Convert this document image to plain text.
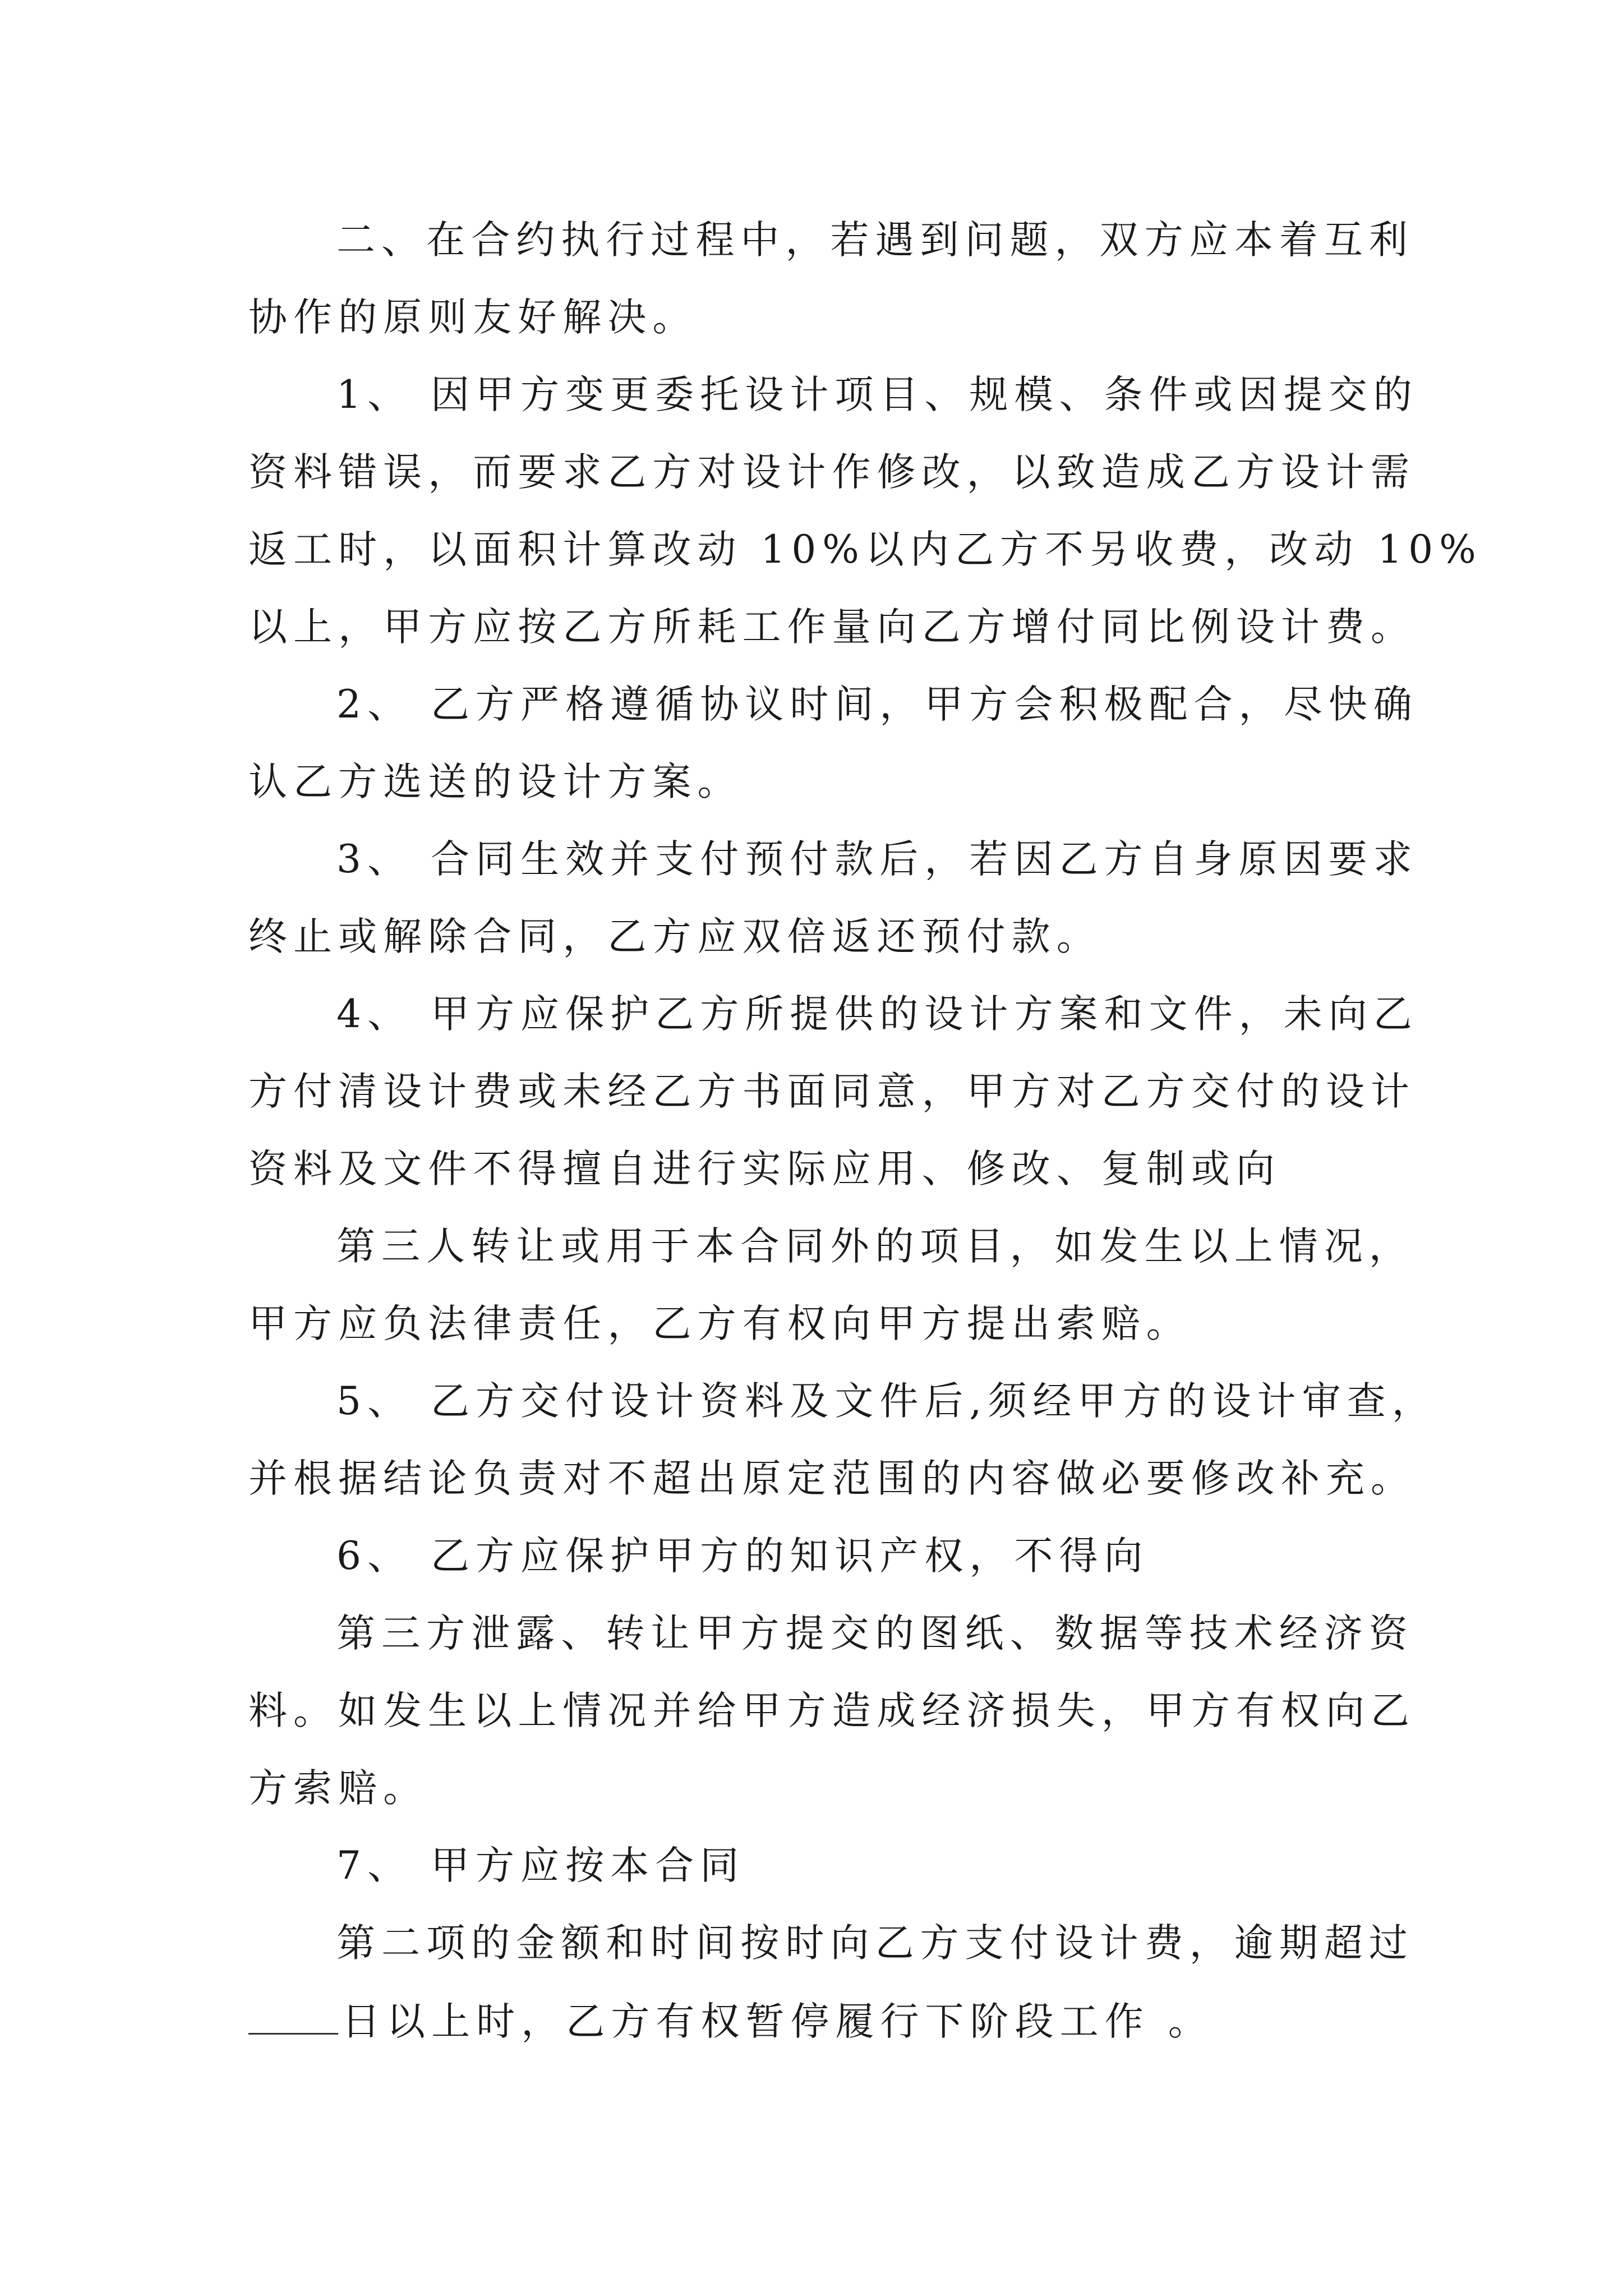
二、在合约执行过程中，若遇到问题，双方应本着互利
协作的原则友好解决。
1、 因甲方变更委托设计项目、规模、条件或因提交的
资料错误，而要求乙方对设计作修改，以致造成乙方设计需
返工时，以面积计算改动 10%以内乙方不另收费，改动 10%
以上，甲方应按乙方所耗工作量向乙方增付同比例设计费。
2、 乙方严格遵循协议时间，甲方会积极配合，尽快确
认乙方选送的设计方案。
3、 合同生效并支付预付款后，若因乙方自身原因要求
终止或解除合同，乙方应双倍返还预付款。
4、 甲方应保护乙方所提供的设计方案和文件，未向乙
方付清设计费或未经乙方书面同意，甲方对乙方交付的设计
资料及文件不得擅自进行实际应用、修改、复制或向
第三人转让或用于本合同外的项目，如发生以上情况，
甲方应负法律责任，乙方有权向甲方提出索赔。
5、 乙方交付设计资料及文件后,须经甲方的设计审查，
并根据结论负责对不超出原定范围的内容做必要修改补充。
6、 乙方应保护甲方的知识产权，不得向
第三方泄露、转让甲方提交的图纸、数据等技术经济资
料。如发生以上情况并给甲方造成经济损失，甲方有权向乙
方索赔。
7、 甲方应按本合同
第二项的金额和时间按时向乙方支付设计费，逾期超过
日以上时，乙方有权暂停履行下阶段工作 。
